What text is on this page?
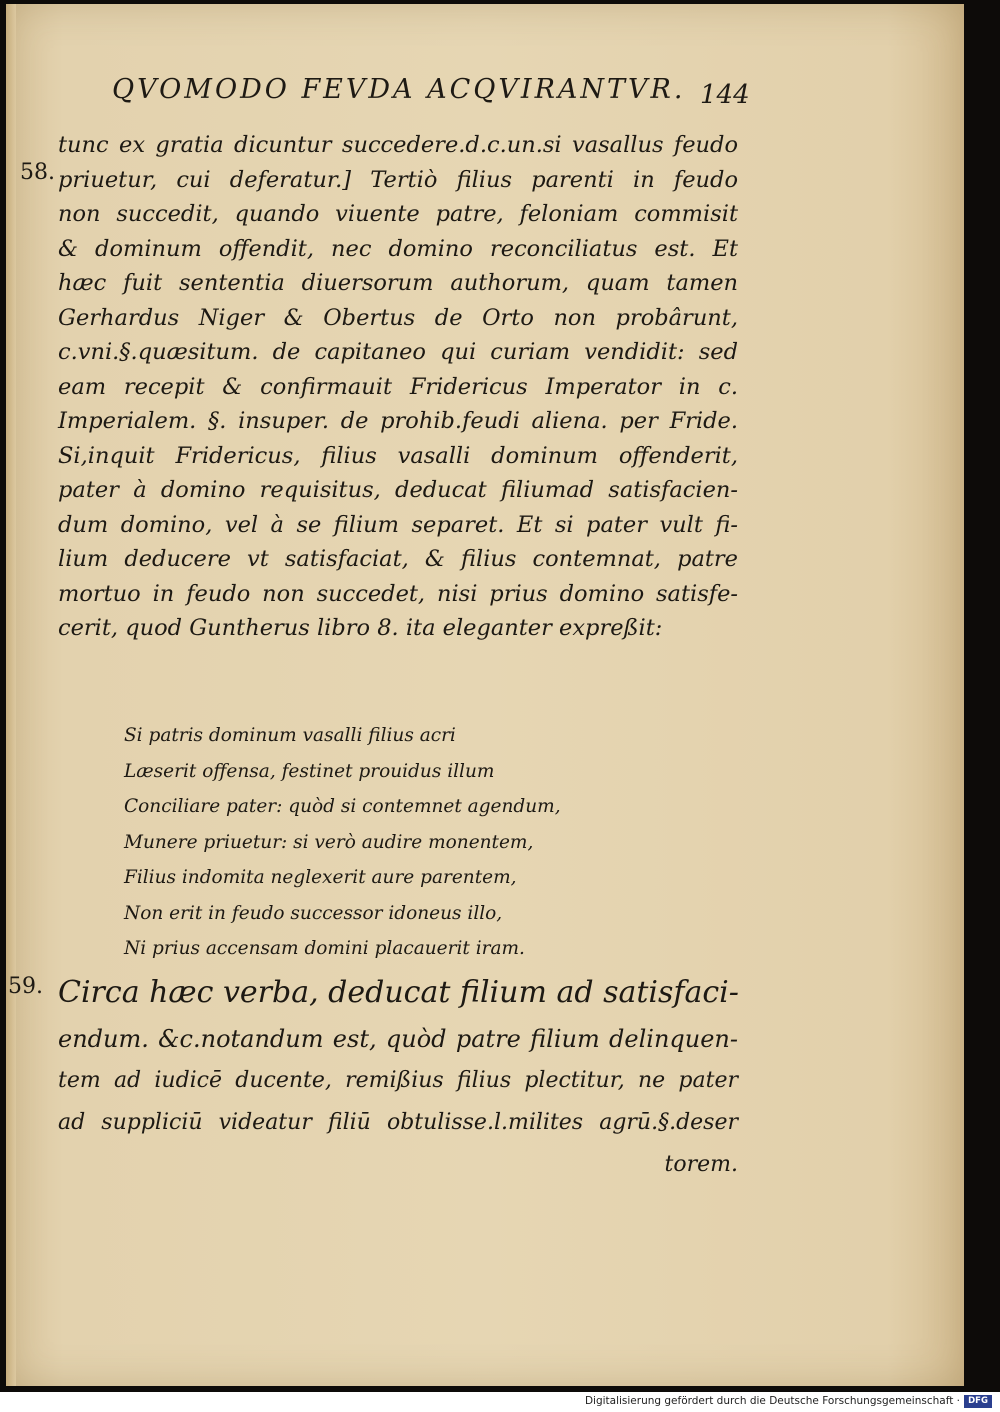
QVOMODO FEVDA ACQVIRANTVR. 144
58.
59.
tunc ex gratia dicuntur succedere.d.c.un.si vasallus feudo
priuetur, cui deferatur.] Tertiò filius parenti in feudo
non succedit, quando viuente patre, feloniam commisit
& dominum offendit, nec domino reconciliatus est. Et
hæc fuit sententia diuersorum authorum, quam tamen
Gerhardus Niger & Obertus de Orto non probârunt,
c.vni.§.quæsitum. de capitaneo qui curiam vendidit: sed
eam recepit & confirmauit Fridericus Imperator in c.
Imperialem. §. insuper. de prohib.feudi aliena. per Fride.
Si,inquit Fridericus, filius vasalli dominum offenderit,
pater à domino requisitus, deducat filiumad satisfacien-
dum domino, vel à se filium separet. Et si pater vult fi-
lium deducere vt satisfaciat, & filius contemnat, patre
mortuo in feudo non succedet, nisi prius domino satisfe-
cerit, quod Guntherus libro 8. ita eleganter expreßit:
Si patris dominum vasalli filius acri
Læserit offensa, festinet prouidus illum
Conciliare pater: quòd si contemnet agendum,
Munere priuetur: si verò audire monentem,
Filius indomita neglexerit aure parentem,
Non erit in feudo successor idoneus illo,
Ni prius accensam domini placauerit iram.
Circa hæc verba, deducat filium ad satisfaci-
endum. &c.notandum est, quòd patre filium delinquen-
tem ad iudicē ducente, remißius filius plectitur, ne pater
ad suppliciū videatur filiū obtulisse.l.milites agrū.§.deser
torem.
Digitalisierung gefördert durch die Deutsche Forschungsgemeinschaft · DFG
